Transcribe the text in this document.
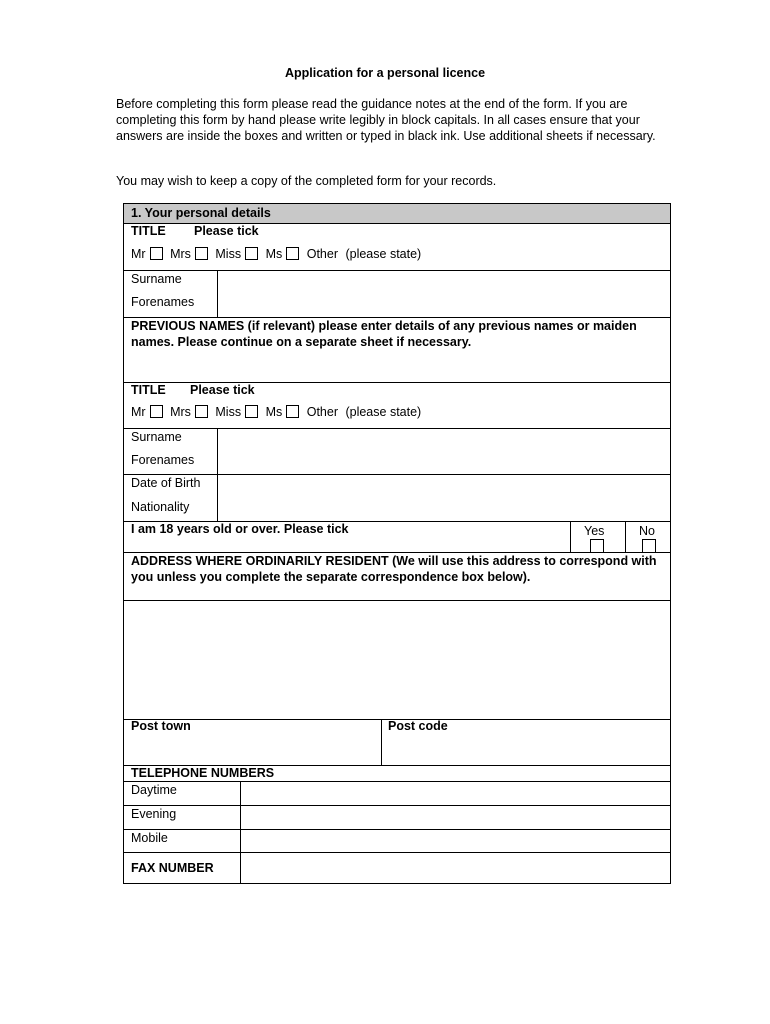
Application for a personal licence
Before completing this form please read the guidance notes at the end of the form. If you are completing this form by hand please write legibly in block capitals. In all cases ensure that your answers are inside the boxes and written or typed in black ink. Use additional sheets if necessary.
You may wish to keep a copy of the completed form for your records.
1. Your personal details
TITLE Please tick
Mr Mrs Miss Ms Other (please state)
Surname
Forenames
PREVIOUS NAMES (if relevant) please enter details of any previous names or maiden names. Please continue on a separate sheet if necessary.
TITLE Please tick
Mr Mrs Miss Ms Other (please state)
Surname
Forenames
Date of Birth
Nationality
I am 18 years old or over. Please tick	Yes	No
ADDRESS WHERE ORDINARILY RESIDENT (We will use this address to correspond with you unless you complete the separate correspondence box below).
Post town	Post code
TELEPHONE NUMBERS
Daytime
Evening
Mobile
FAX NUMBER
